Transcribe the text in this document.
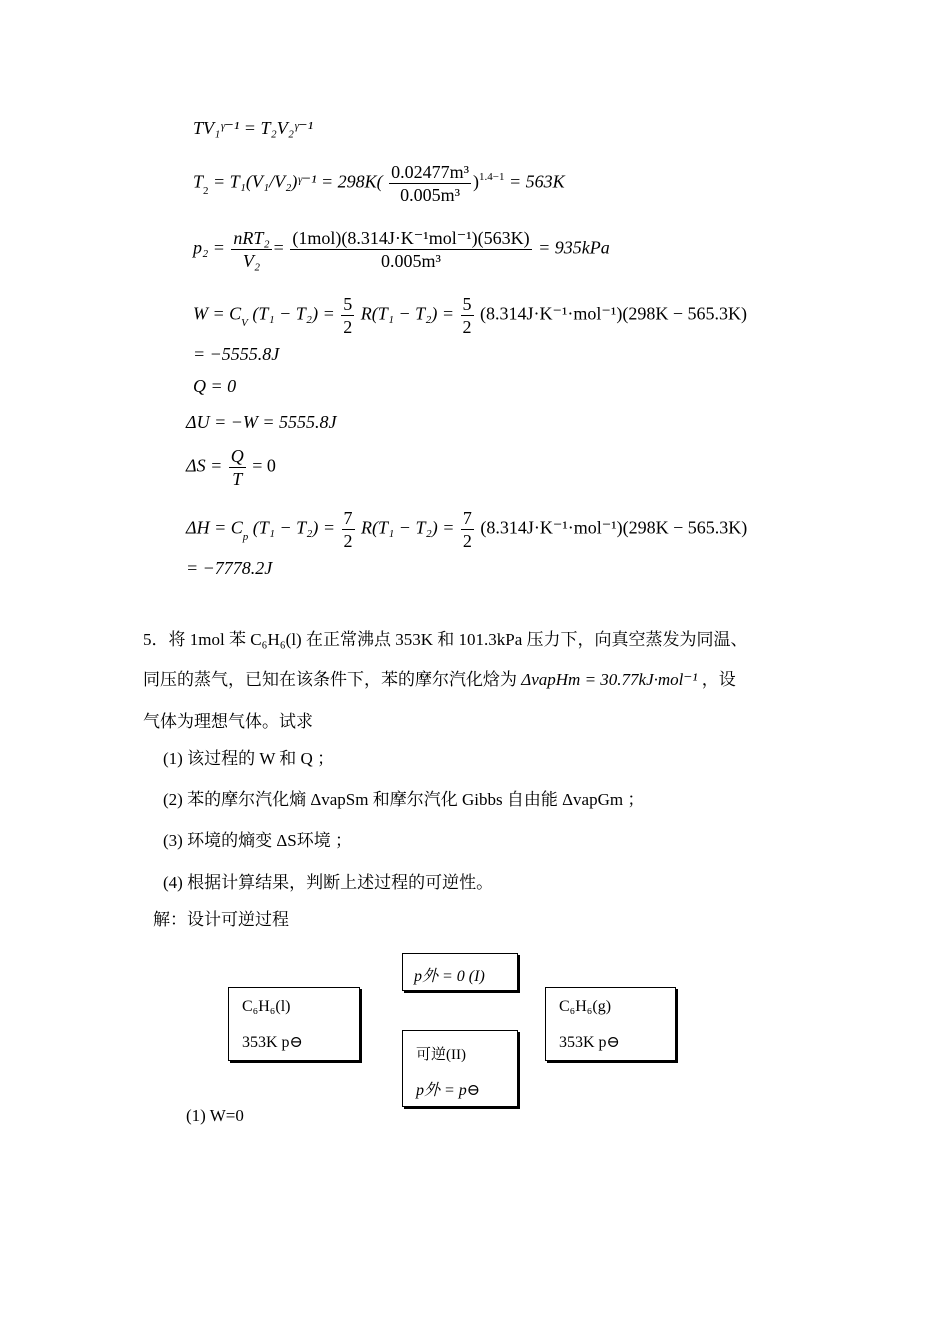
TV₁ᵞ⁻¹ = T₂V₂ᵞ⁻¹
$T_2$ = T₁(V₁/V₂)ᵞ⁻¹ = $298K( \frac{\text{0.02477m³}}{\text{0.005m³}} )^{1.4-1} = 563K$
$p_2 = \frac{\text{nRT₂}}{\text{V₂}} = \frac{\text{(1mol)(8.314J·K⁻¹mol⁻¹)(563K)}}{\text{0.005m³}} = 935kPa$
$W = C_V$ $(T_1 - T_2) = \frac{5}{2} R(T_1 - T_2) = \frac{5}{2} (8.314J\cdot K^{-1}\cdot mol^{-1})(298K - 565.3K)$
= −5555.8J
Q = 0
ΔU = −W = 5555.8J
$\Delta S = \frac{Q}{T} = 0$
$\Delta H = C_p$ $(T_1 - T_2) = \frac{7}{2} R(T_1 - T_2) = \frac{7}{2} (8.314J\cdot K^{-1}\cdot mol^{-1})(298K - 565.3K)$
= −7778.2J
5．将 1mol 苯 C₆H₆(l) 在正常沸点 353K 和 101.3kPa 压力下，向真空蒸发为同温、
同压的蒸气，已知在该条件下，苯的摩尔汽化焓为 ΔvapHm = 30.77kJ·mol⁻¹ ，设
气体为理想气体。试求
(1) 该过程的 W 和 Q ；
(2) 苯的摩尔汽化熵 ΔvapSm 和摩尔汽化 Gibbs 自由能 ΔvapGm ；
(3) 环境的熵变 ΔS环境 ；
(4) 根据计算结果，判断上述过程的可逆性。
解：设计可逆过程
C₆H₆(l)
353K p⊖
p外 = 0 (I)
可逆(II)
p外 = p⊖
C₆H₆(g)
353K p⊖
(1) W=0
